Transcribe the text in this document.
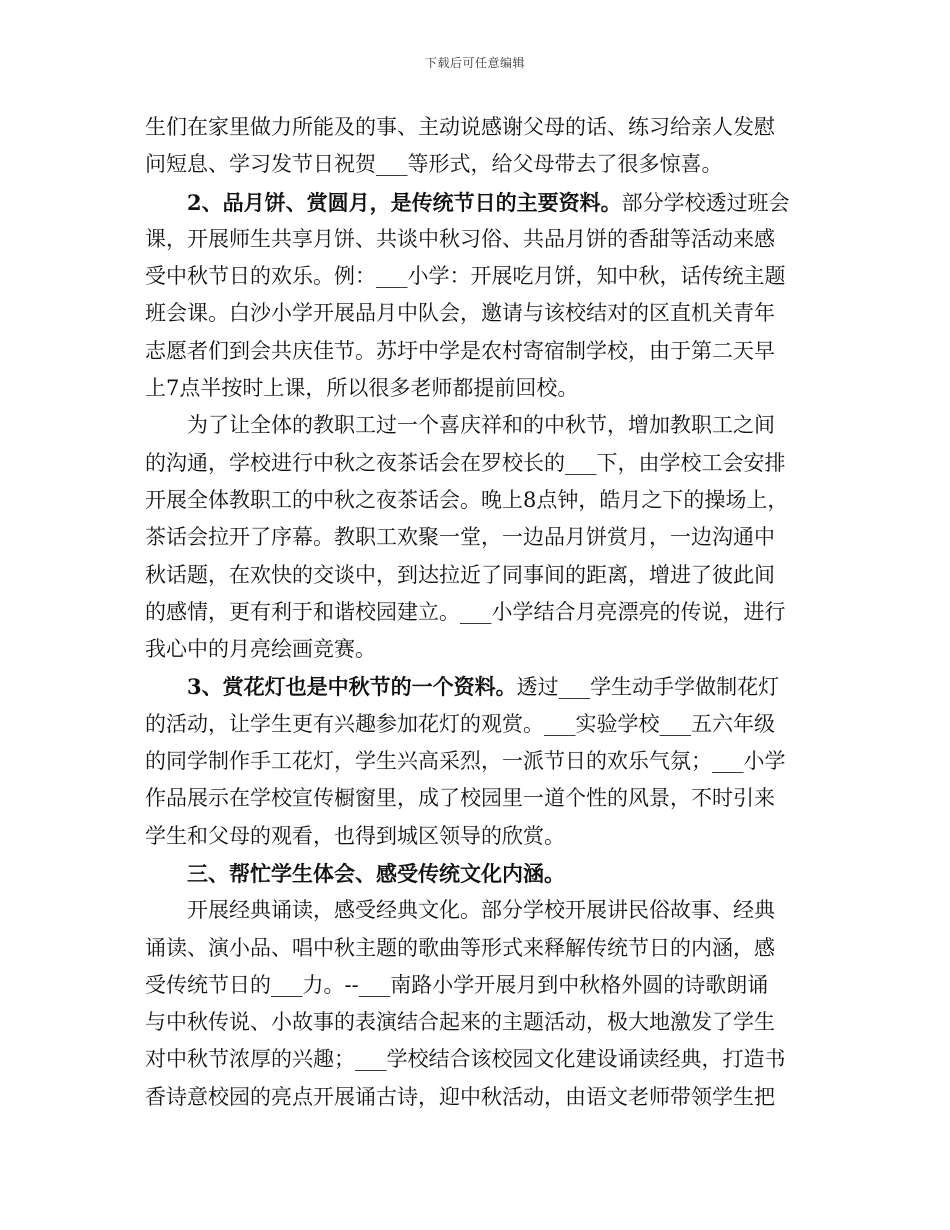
下载后可任意编辑
生们在家里做力所能及的事、主动说感谢父母的话、练习给亲人发慰
问短息、学习发节日祝贺___等形式，给父母带去了很多惊喜。
2、品月饼、赏圆月，是传统节日的主要资料。部分学校透过班会
课，开展师生共享月饼、共谈中秋习俗、共品月饼的香甜等活动来感
受中秋节日的欢乐。例：___小学：开展吃月饼，知中秋，话传统主题
班会课。白沙小学开展品月中队会，邀请与该校结对的区直机关青年
志愿者们到会共庆佳节。苏圩中学是农村寄宿制学校，由于第二天早
上7点半按时上课，所以很多老师都提前回校。
为了让全体的教职工过一个喜庆祥和的中秋节，增加教职工之间
的沟通，学校进行中秋之夜茶话会在罗校长的___下，由学校工会安排
开展全体教职工的中秋之夜茶话会。晚上8点钟，皓月之下的操场上，
茶话会拉开了序幕。教职工欢聚一堂，一边品月饼赏月，一边沟通中
秋话题，在欢快的交谈中，到达拉近了同事间的距离，增进了彼此间
的感情，更有利于和谐校园建立。___小学结合月亮漂亮的传说，进行
我心中的月亮绘画竞赛。
3、赏花灯也是中秋节的一个资料。透过___学生动手学做制花灯
的活动，让学生更有兴趣参加花灯的观赏。___实验学校___五六年级
的同学制作手工花灯，学生兴高采烈，一派节日的欢乐气氛；___小学
作品展示在学校宣传橱窗里，成了校园里一道个性的风景，不时引来
学生和父母的观看，也得到城区领导的欣赏。
三、帮忙学生体会、感受传统文化内涵。
开展经典诵读，感受经典文化。部分学校开展讲民俗故事、经典
诵读、演小品、唱中秋主题的歌曲等形式来释解传统节日的内涵，感
受传统节日的___力。--___南路小学开展月到中秋格外圆的诗歌朗诵
与中秋传说、小故事的表演结合起来的主题活动，极大地激发了学生
对中秋节浓厚的兴趣；___学校结合该校园文化建设诵读经典，打造书
香诗意校园的亮点开展诵古诗，迎中秋活动，由语文老师带领学生把
